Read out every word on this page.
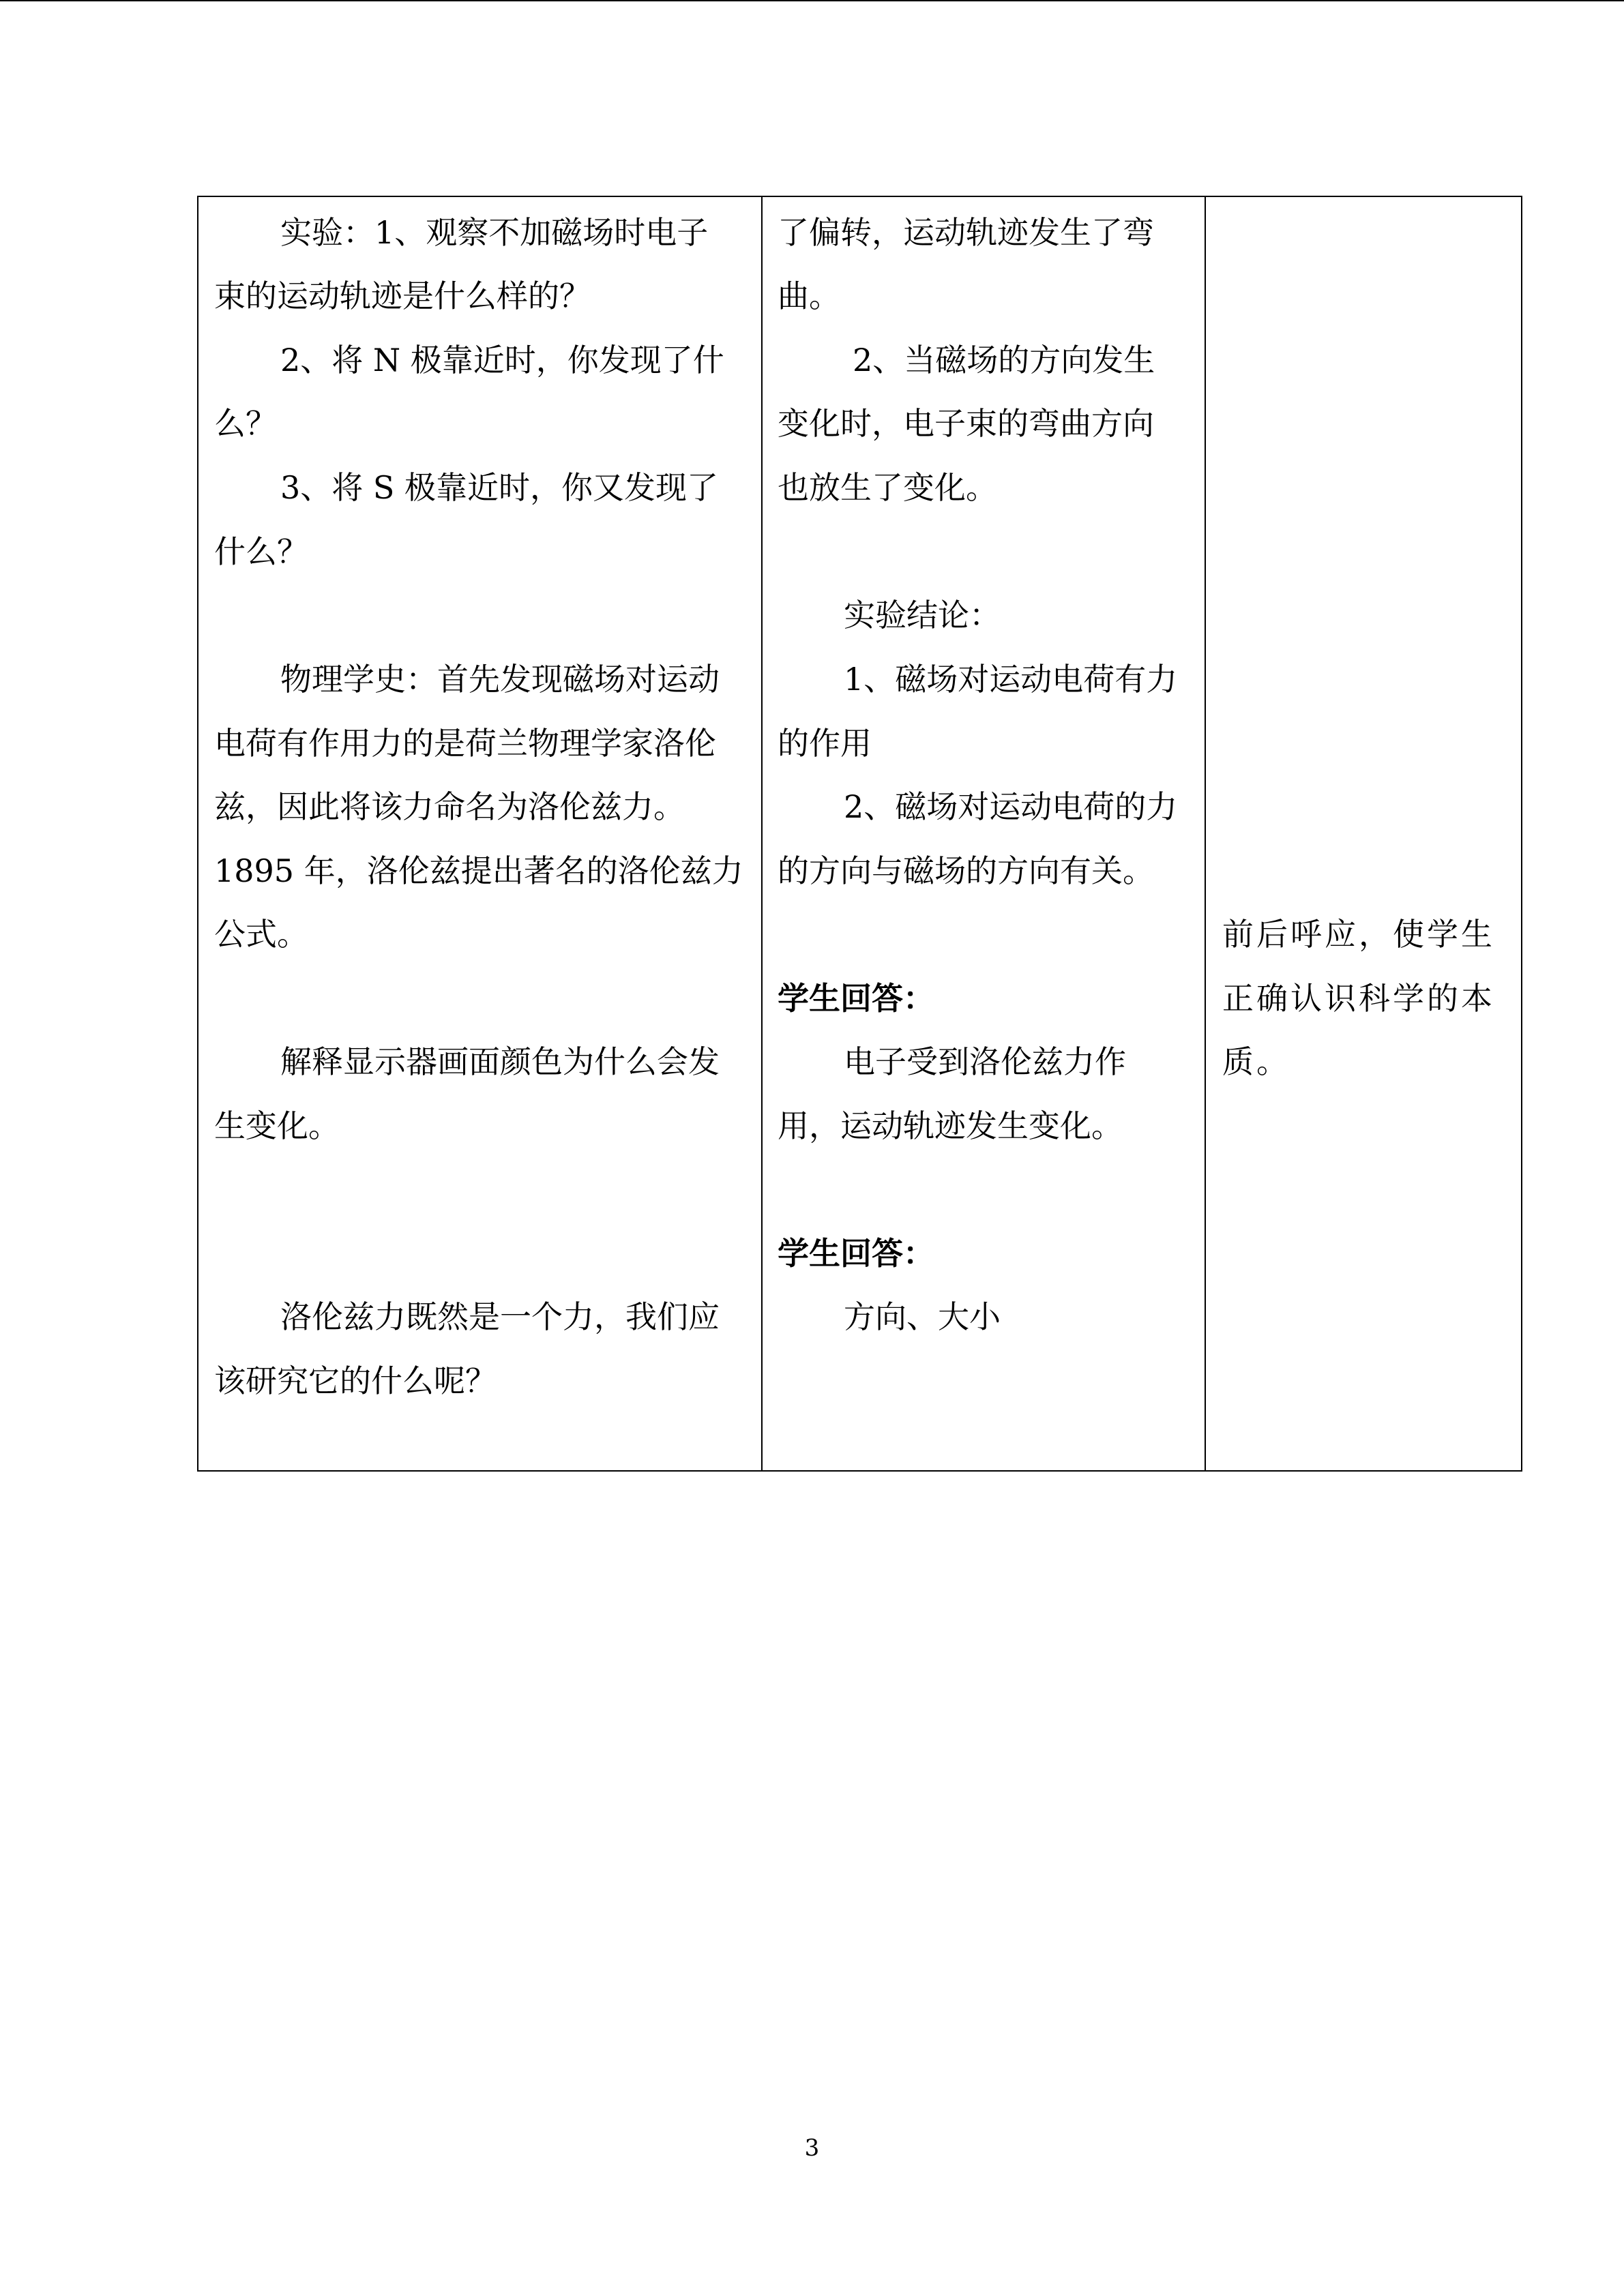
实验：1、观察不加磁场时电子
束的运动轨迹是什么样的？
2、将 N 极靠近时，你发现了什
么？
3、将 S 极靠近时，你又发现了
什么？
物理学史：首先发现磁场对运动
电荷有作用力的是荷兰物理学家洛伦
兹，因此将该力命名为洛伦兹力。
1895 年，洛伦兹提出著名的洛伦兹力
公式。
解释显示器画面颜色为什么会发
生变化。
洛伦兹力既然是一个力，我们应
该研究它的什么呢？
了偏转，运动轨迹发生了弯
曲。
2、当磁场的方向发生
变化时，电子束的弯曲方向
也放生了变化。
实验结论：
1、磁场对运动电荷有力
的作用
2、磁场对运动电荷的力
的方向与磁场的方向有关。
学生回答：
电子受到洛伦兹力作
用，运动轨迹发生变化。
学生回答：
方向、大小
前后呼应，使学生
正确认识科学的本
质。
3
